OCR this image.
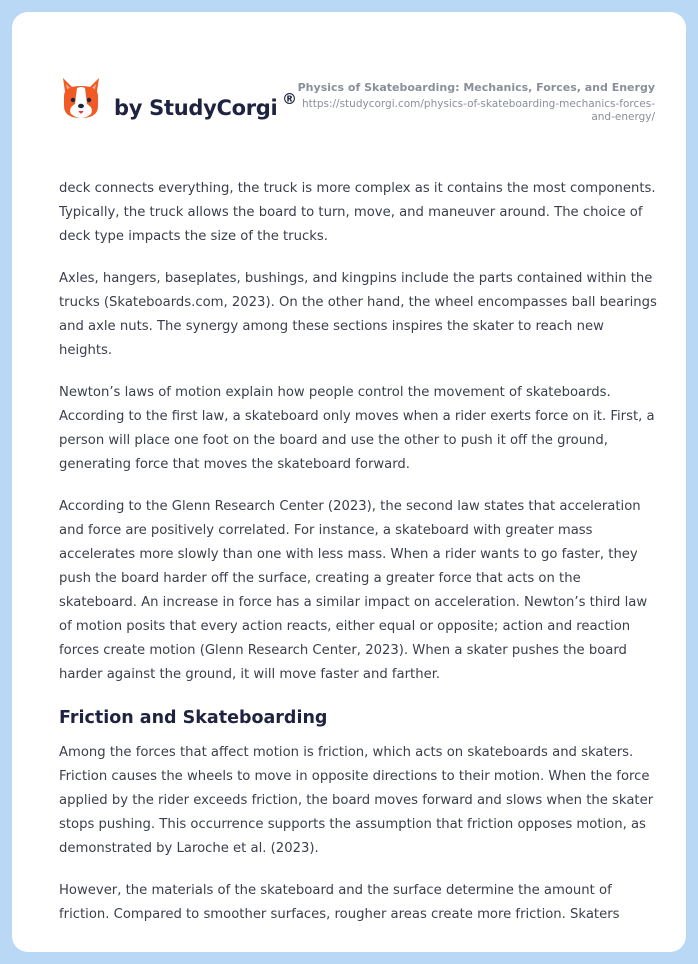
by StudyCorgi ®
Physics of Skateboarding: Mechanics, Forces, and Energy
https://studycorgi.com/physics-of-skateboarding-mechanics-forces-and-energy/

deck connects everything, the truck is more complex as it contains the most components. Typically, the truck allows the board to turn, move, and maneuver around. The choice of deck type impacts the size of the trucks.

Axles, hangers, baseplates, bushings, and kingpins include the parts contained within the trucks (Skateboards.com, 2023). On the other hand, the wheel encompasses ball bearings and axle nuts. The synergy among these sections inspires the skater to reach new heights.

Newton’s laws of motion explain how people control the movement of skateboards. According to the first law, a skateboard only moves when a rider exerts force on it. First, a person will place one foot on the board and use the other to push it off the ground, generating force that moves the skateboard forward.

According to the Glenn Research Center (2023), the second law states that acceleration and force are positively correlated. For instance, a skateboard with greater mass accelerates more slowly than one with less mass. When a rider wants to go faster, they push the board harder off the surface, creating a greater force that acts on the skateboard. An increase in force has a similar impact on acceleration. Newton’s third law of motion posits that every action reacts, either equal or opposite; action and reaction forces create motion (Glenn Research Center, 2023). When a skater pushes the board harder against the ground, it will move faster and farther.

Friction and Skateboarding

Among the forces that affect motion is friction, which acts on skateboards and skaters. Friction causes the wheels to move in opposite directions to their motion. When the force applied by the rider exceeds friction, the board moves forward and slows when the skater stops pushing. This occurrence supports the assumption that friction opposes motion, as demonstrated by Laroche et al. (2023).

However, the materials of the skateboard and the surface determine the amount of friction. Compared to smoother surfaces, rougher areas create more friction. Skaters
